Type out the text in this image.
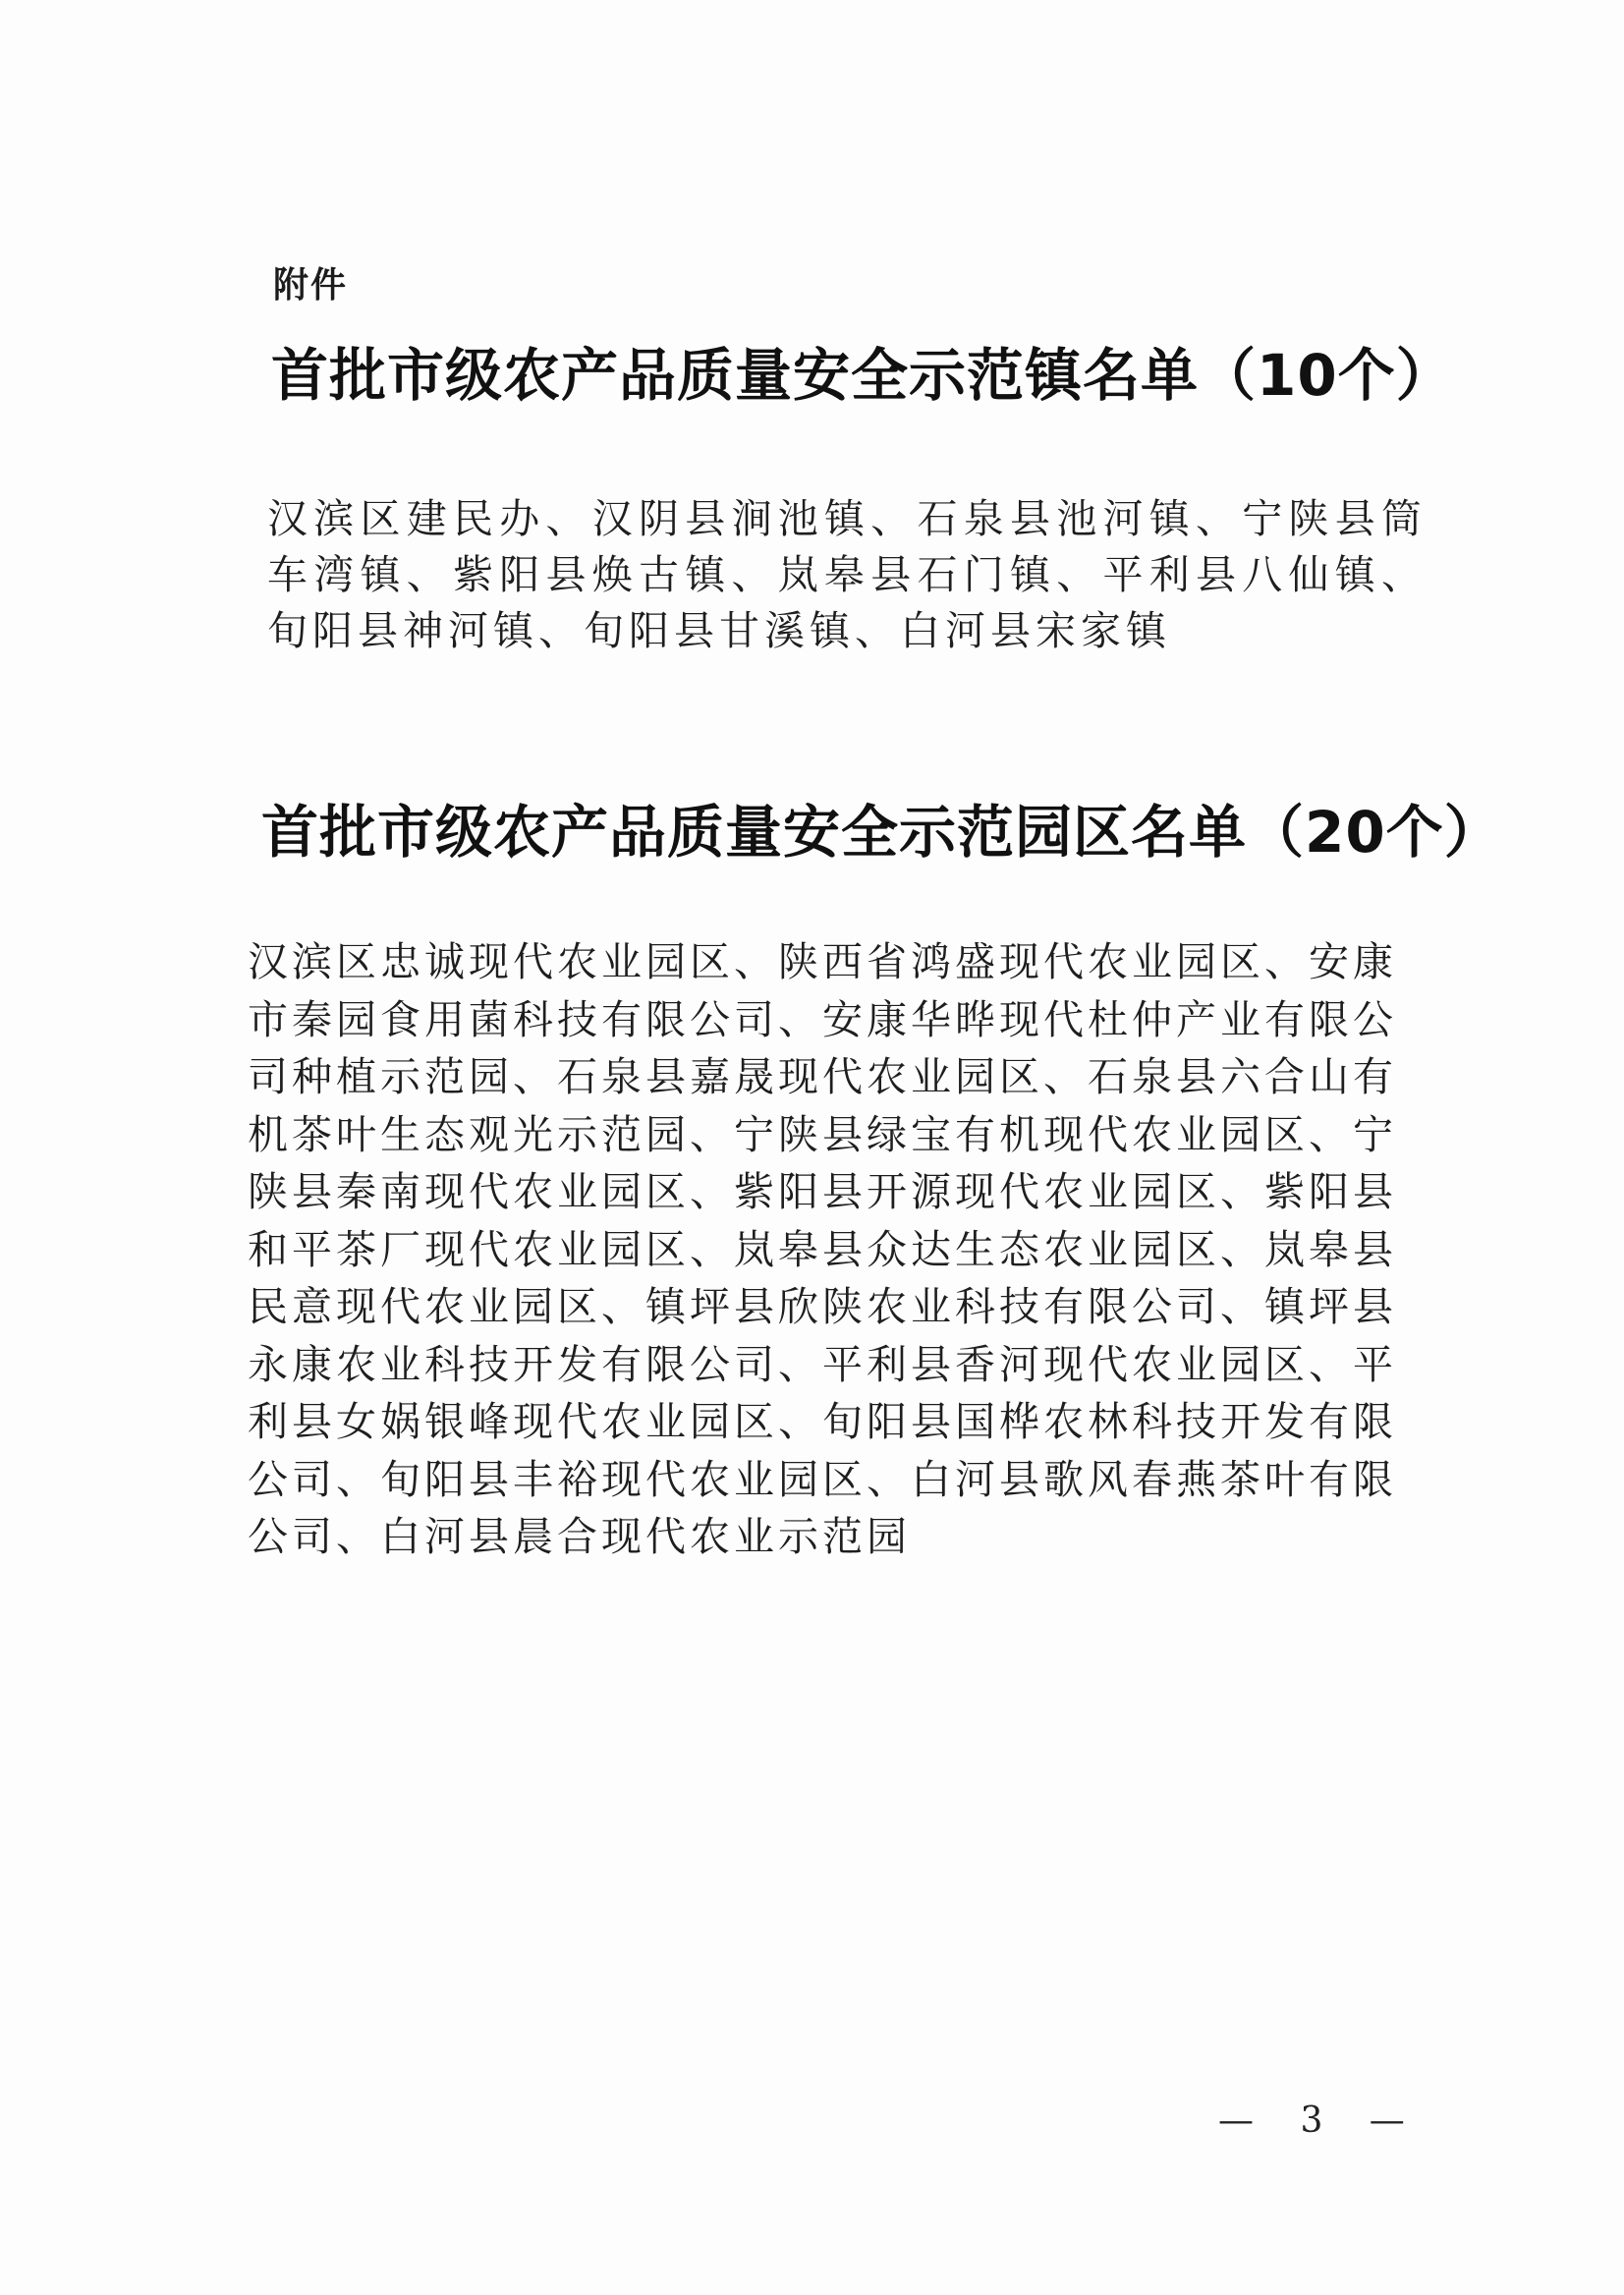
附件
首批市级农产品质量安全示范镇名单（10个）
汉滨区建民办、汉阴县涧池镇、石泉县池河镇、宁陕县筒车湾镇、紫阳县焕古镇、岚皋县石门镇、平利县八仙镇、旬阳县神河镇、旬阳县甘溪镇、白河县宋家镇
首批市级农产品质量安全示范园区名单（20个）
汉滨区忠诚现代农业园区、陕西省鸿盛现代农业园区、安康市秦园食用菌科技有限公司、安康华晔现代杜仲产业有限公司种植示范园、石泉县嘉晟现代农业园区、石泉县六合山有机茶叶生态观光示范园、宁陕县绿宝有机现代农业园区、宁陕县秦南现代农业园区、紫阳县开源现代农业园区、紫阳县和平茶厂现代农业园区、岚皋县众达生态农业园区、岚皋县民意现代农业园区、镇坪县欣陕农业科技有限公司、镇坪县永康农业科技开发有限公司、平利县香河现代农业园区、平利县女娲银峰现代农业园区、旬阳县国桦农林科技开发有限公司、旬阳县丰裕现代农业园区、白河县歌风春燕茶叶有限公司、白河县晨合现代农业示范园
— 3 —
